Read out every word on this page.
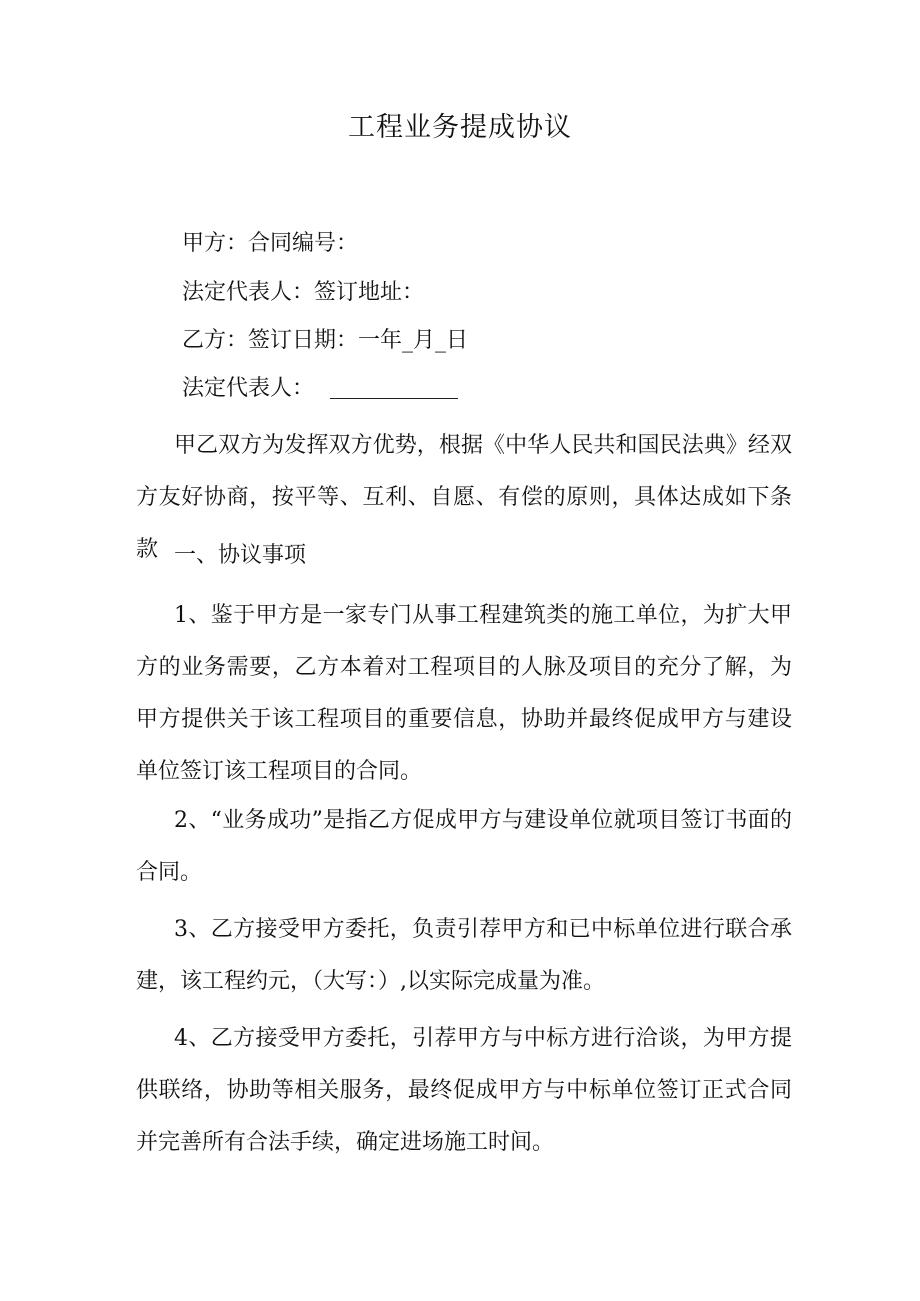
工程业务提成协议
甲方：合同编号：
法定代表人：签订地址：
乙方：签订日期：一年_月_日
法定代表人：
甲乙双方为发挥双方优势，根据《中华人民共和国民法典》经双方友好协商，按平等、互利、自愿、有偿的原则，具体达成如下条款 一、协议事项
1、鉴于甲方是一家专门从事工程建筑类的施工单位，为扩大甲方的业务需要，乙方本着对工程项目的人脉及项目的充分了解，为甲方提供关于该工程项目的重要信息，协助并最终促成甲方与建设单位签订该工程项目的合同。
2、“业务成功”是指乙方促成甲方与建设单位就项目签订书面的合同。
3、乙方接受甲方委托，负责引荐甲方和已中标单位进行联合承建，该工程约元，（大写：）,以实际完成量为准。
4、乙方接受甲方委托，引荐甲方与中标方进行洽谈，为甲方提供联络，协助等相关服务，最终促成甲方与中标单位签订正式合同并完善所有合法手续，确定进场施工时间。
